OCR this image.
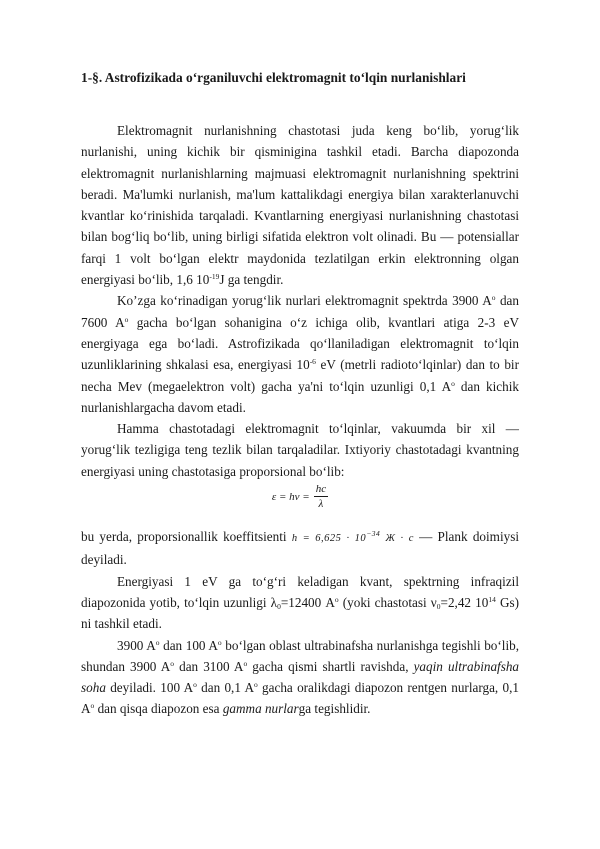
1-§. Astrofizikada o‘rganiluvchi elektromagnit to‘lqin nurlanishlari

Elektromagnit nurlanishning chastotasi juda keng bo‘lib, yorug‘lik nurlanishi, uning kichik bir qisminigina tashkil etadi. Barcha diapozonda elektromagnit nurlanishlarning majmuasi elektromagnit nurlanishning spektrini beradi. Ma'lumki nurlanish, ma'lum kattalikdagi energiya bilan xarakterlanuvchi kvantlar ko‘rinishida tarqaladi. Kvantlarning energiyasi nurlanishning chastotasi bilan bog‘liq bo‘lib, uning birligi sifatida elektron volt olinadi. Bu — potensiallar farqi 1 volt bo‘lgan elektr maydonida tezlatilgan erkin elektronning olgan energiyasi bo‘lib, 1,6 $10^{-19}J$ ga tengdir.

Ko’zga ko‘rinadigan yorug‘lik nurlari elektromagnit spektrda 3900 $A^o$ dan 7600 $A^o$ gacha bo‘lgan sohanigina o‘z ichiga olib, kvantlari atiga 2-3 eV energiyaga ega bo‘ladi. Astrofizikada qo‘llaniladigan elektromagnit to‘lqin uzunliklarining shkalasi esa, energiyasi $10^{-6}$ eV (metrli radioto‘lqinlar) dan to bir necha Mev (megaelektron volt) gacha ya'ni to‘lqin uzunligi 0,1 $A^o$ dan kichik nurlanishlargacha davom etadi.

Hamma chastotadagi elektromagnit to‘lqinlar, vakuumda bir xil — yorug‘lik tezligiga teng tezlik bilan tarqaladilar. Ixtiyoriy chastotadagi kvantning energiyasi uning chastotasiga proporsional bo‘lib:

$\varepsilon = h\nu = \frac{hc}{\lambda}$

bu yerda, proporsionallik koeffitsienti $h = 6,625 \cdot 10^{-34}$ Ж · с — Plank doimiysi deyiladi.

Energiyasi 1 eV ga to‘g‘ri keladigan kvant, spektrning infraqizil diapozonida yotib, to‘lqin uzunligi $\lambda_0=12400$ $A^o$ (yoki chastotasi $\nu_0=2,42$ $10^{14}$ Gs) ni tashkil etadi.

3900 $A^o$ dan 100 $A^o$ bo‘lgan oblast ultrabinafsha nurlanishga tegishli bo‘lib, shundan 3900 $A^o$ dan 3100 $A^o$ gacha qismi shartli ravishda, yaqin ultrabinafsha soha deyiladi. 100 $A^o$ dan 0,1 $A^o$ gacha oralikdagi diapozon rentgen nurlarga, 0,1 $A^o$ dan qisqa diapozon esa gamma nurlarga tegishlidir.
